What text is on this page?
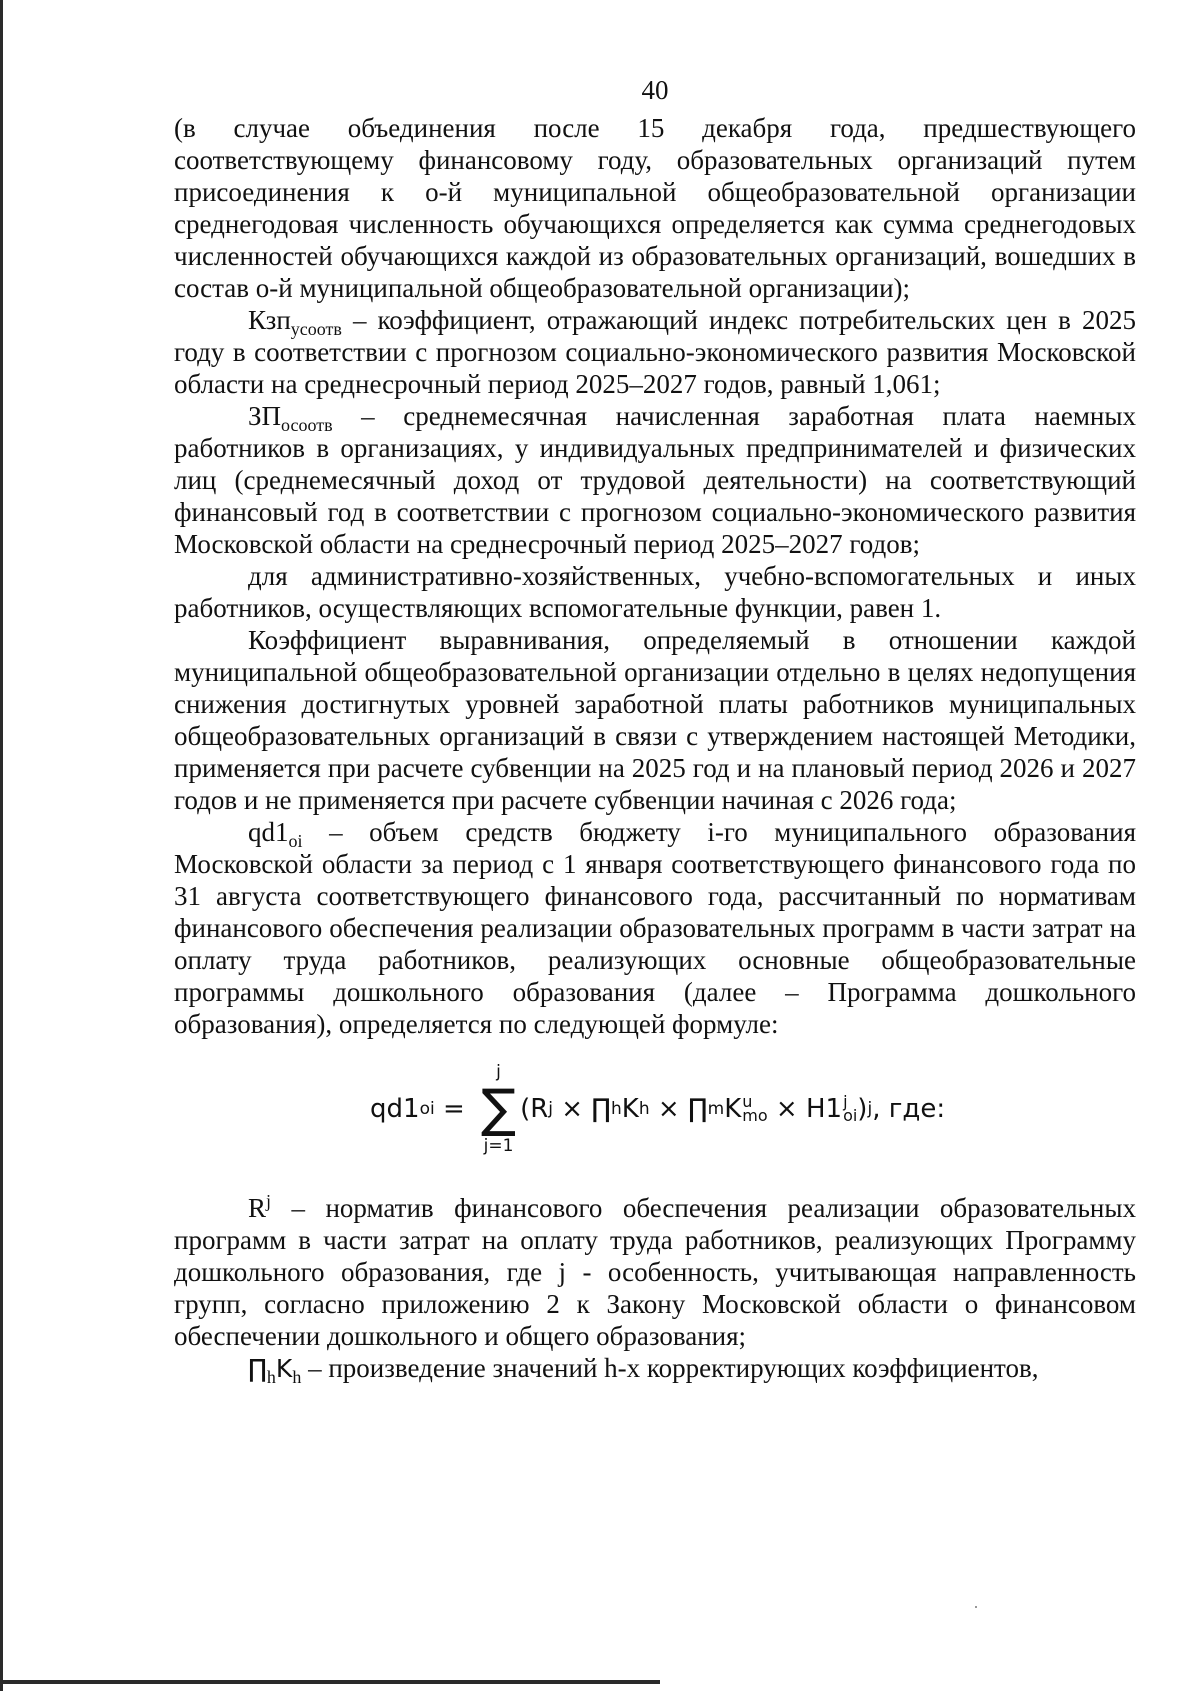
40

(в случае объединения после 15 декабря года, предшествующего соответствующему финансовому году, образовательных организаций путем присоединения к о-й муниципальной общеобразовательной организации среднегодовая численность обучающихся определяется как сумма среднегодовых численностей обучающихся каждой из образовательных организаций, вошедших в состав о-й муниципальной общеобразовательной организации);

Кзп$_{усоотв}$ – коэффициент, отражающий индекс потребительских цен в 2025 году в соответствии с прогнозом социально-экономического развития Московской области на среднесрочный период 2025–2027 годов, равный 1,061;

$ЗП_{осоотв}$ – среднемесячная начисленная заработная плата наемных работников в организациях, у индивидуальных предпринимателей и физических лиц (среднемесячный доход от трудовой деятельности) на соответствующий финансовый год в соответствии с прогнозом социально-экономического развития Московской области на среднесрочный период 2025–2027 годов;

для административно-хозяйственных, учебно-вспомогательных и иных работников, осуществляющих вспомогательные функции, равен 1.

Коэффициент выравнивания, определяемый в отношении каждой муниципальной общеобразовательной организации отдельно в целях недопущения снижения достигнутых уровней заработной платы работников муниципальных общеобразовательных организаций в связи с утверждением настоящей Методики, применяется при расчете субвенции на 2025 год и на плановый период 2026 и 2027 годов и не применяется при расчете субвенции начиная с 2026 года;

$qd1_{oi}$ – объем средств бюджету i-го муниципального образования Московской области за период с 1 января соответствующего финансового года по 31 августа соответствующего финансового года, рассчитанный по нормативам финансового обеспечения реализации образовательных программ в части затрат на оплату труда работников, реализующих основные общеобразовательные программы дошкольного образования (далее – Программа дошкольного образования), определяется по следующей формуле:

qd1 oi =
j
∑
j=1
(R j × ∏ h K h × ∏ m K u
mo × H1 j
oi ) j , где:

$R^j$ – норматив финансового обеспечения реализации образовательных программ в части затрат на оплату труда работников, реализующих Программу дошкольного образования, где j - особенность, учитывающая направленность групп, согласно приложению 2 к Закону Московской области о финансовом обеспечении дошкольного и общего образования;

$\prod_hK_h$ – произведение значений h-х корректирующих коэффициентов,
